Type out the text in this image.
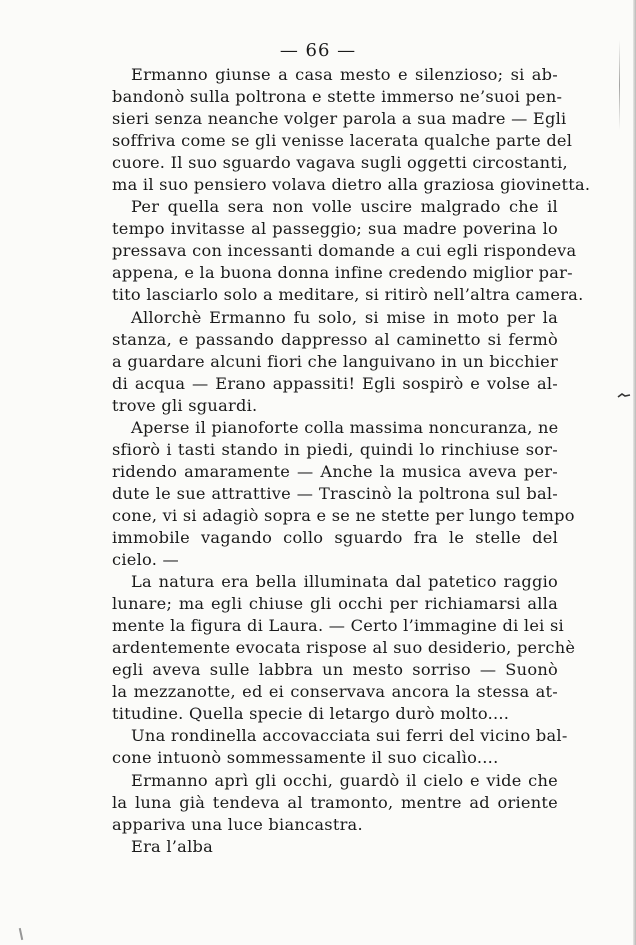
— 66 —
Ermanno giunse a casa mesto e silenzioso; si ab-
bandonò sulla poltrona e stette immerso ne’suoi pen-
sieri senza neanche volger parola a sua madre — Egli
soffriva come se gli venisse lacerata qualche parte del
cuore. Il suo sguardo vagava sugli oggetti circostanti,
ma il suo pensiero volava dietro alla graziosa giovinetta.
Per quella sera non volle uscire malgrado che il
tempo invitasse al passeggio; sua madre poverina lo
pressava con incessanti domande a cui egli rispondeva
appena, e la buona donna infine credendo miglior par-
tito lasciarlo solo a meditare, si ritirò nell’altra camera.
Allorchè Ermanno fu solo, si mise in moto per la
stanza, e passando dappresso al caminetto si fermò
a guardare alcuni fiori che languivano in un bicchier
di acqua — Erano appassiti! Egli sospirò e volse al-
trove gli sguardi.
Aperse il pianoforte colla massima noncuranza, ne
sfiorò i tasti stando in piedi, quindi lo rinchiuse sor-
ridendo amaramente — Anche la musica aveva per-
dute le sue attrattive — Trascinò la poltrona sul bal-
cone, vi si adagiò sopra e se ne stette per lungo tempo
immobile vagando collo sguardo fra le stelle del
cielo. —
La natura era bella illuminata dal patetico raggio
lunare; ma egli chiuse gli occhi per richiamarsi alla
mente la figura di Laura. — Certo l’immagine di lei si
ardentemente evocata rispose al suo desiderio, perchè
egli aveva sulle labbra un mesto sorriso — Suonò
la mezzanotte, ed ei conservava ancora la stessa at-
titudine. Quella specie di letargo durò molto....
Una rondinella accovacciata sui ferri del vicino bal-
cone intuonò sommessamente il suo cicalìo....
Ermanno aprì gli occhi, guardò il cielo e vide che
la luna già tendeva al tramonto, mentre ad oriente
appariva una luce biancastra.
Era l’alba
